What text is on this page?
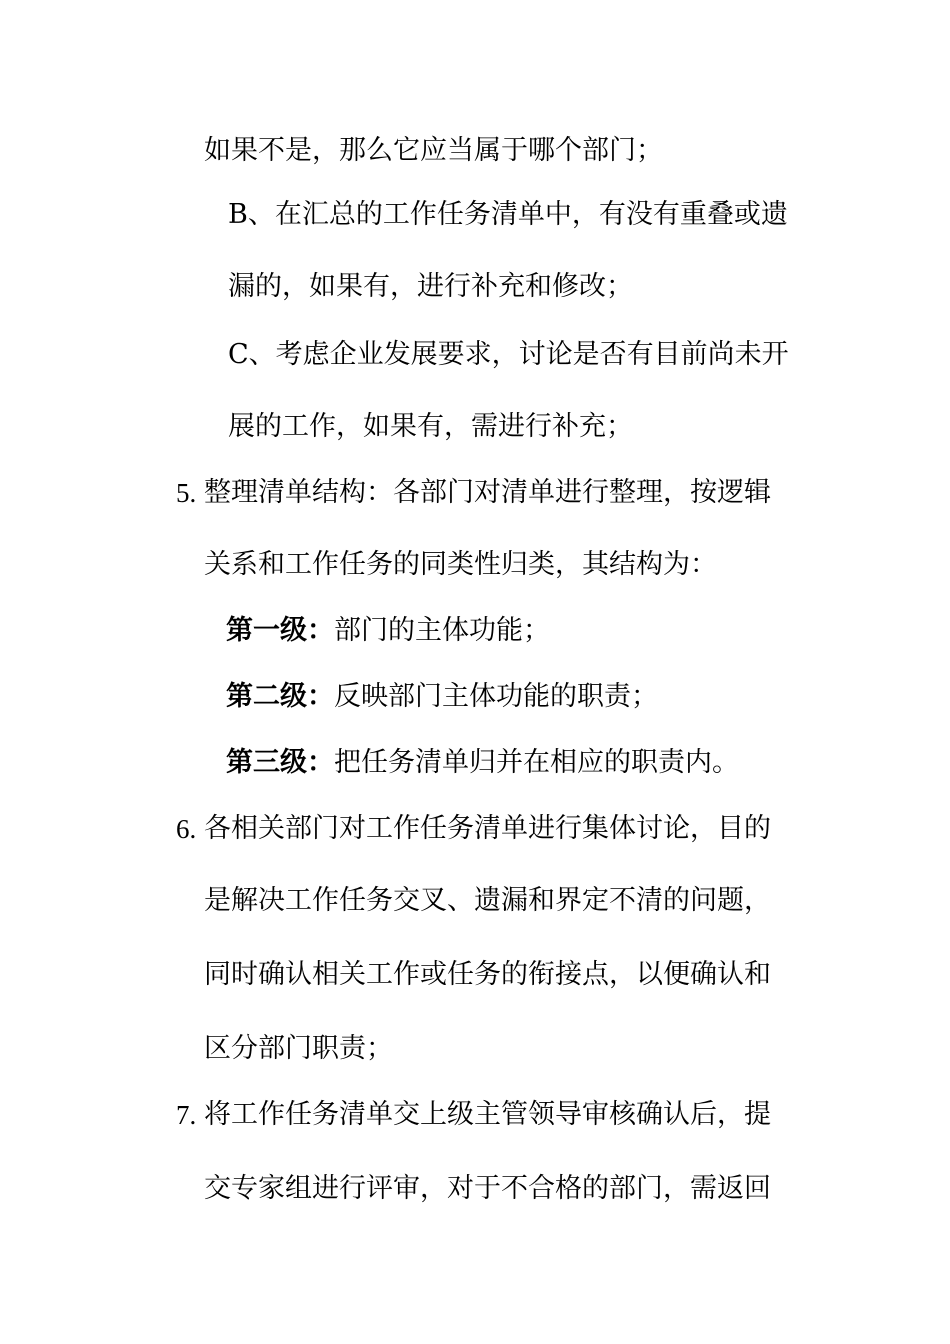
如果不是，那么它应当属于哪个部门；
B、在汇总的工作任务清单中，有没有重叠或遗
漏的，如果有，进行补充和修改；
C、考虑企业发展要求，讨论是否有目前尚未开
展的工作，如果有，需进行补充；
5. 整理清单结构：各部门对清单进行整理，按逻辑
关系和工作任务的同类性归类，其结构为：
第一级：部门的主体功能；
第二级：反映部门主体功能的职责；
第三级：把任务清单归并在相应的职责内。
6. 各相关部门对工作任务清单进行集体讨论，目的
是解决工作任务交叉、遗漏和界定不清的问题，
同时确认相关工作或任务的衔接点，以便确认和
区分部门职责；
7. 将工作任务清单交上级主管领导审核确认后，提
交专家组进行评审，对于不合格的部门，需返回
